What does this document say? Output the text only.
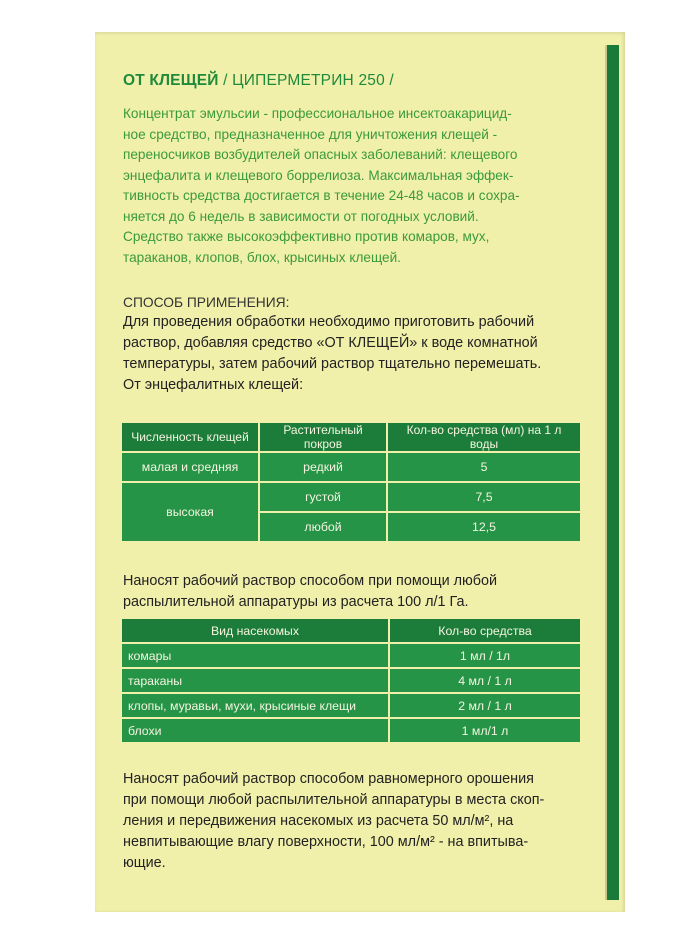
ОТ КЛЕЩЕЙ / ЦИПЕРМЕТРИН 250 /

Концентрат эмульсии - профессиональное инсектоакарицид-
ное средство, предназначенное для уничтожения клещей -
переносчиков возбудителей опасных заболеваний: клещевого
энцефалита и клещевого боррелиоза. Максимальная эффек-
тивность средства достигается в течение 24-48 часов и сохра-
няется до 6 недель в зависимости от погодных условий.
Средство также высокоэффективно против комаров, мух,
тараканов, клопов, блох, крысиных клещей.

СПОСОБ ПРИМЕНЕНИЯ:

Для проведения обработки необходимо приготовить рабочий
раствор, добавляя средство «ОТ КЛЕЩЕЙ» к воде комнатной
температуры, затем рабочий раствор тщательно перемешать.
От энцефалитных клещей:

Численность клещей	Растительный покров	Кол-во средства (мл) на 1 л воды
малая и средняя	редкий	5
высокая	густой	7,5
	любой	12,5

Наносят рабочий раствор способом при помощи любой
распылительной аппаратуры из расчета 100 л/1 Га.

Вид насекомых	Кол-во средства
комары	1 мл / 1л
тараканы	4 мл / 1 л
клопы, муравьи, мухи, крысиные клещи	2 мл / 1 л
блохи	1 мл/1 л

Наносят рабочий раствор способом равномерного орошения
при помощи любой распылительной аппаратуры в места скоп-
ления и передвижения насекомых из расчета 50 мл/м², на
невпитывающие влагу поверхности, 100 мл/м² - на впитыва-
ющие.
